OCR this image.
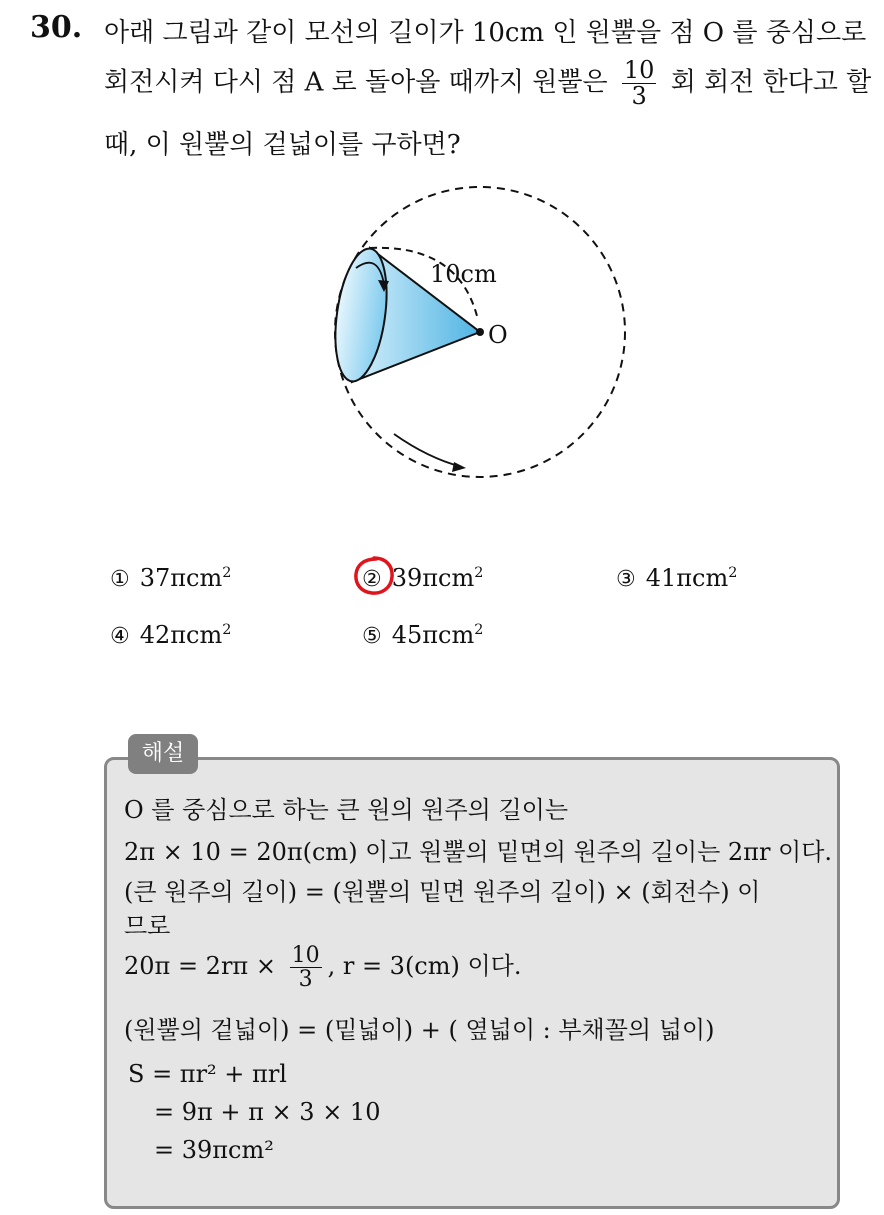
30. 아래 그림과 같이 모선의 길이가 10cm 인 원뿔을 점 O 를 중심으로
회전시켜 다시 점 A 로 돌아올 때까지 원뿔은 $\frac{10}{3}$ 회 회전 한다고 할
때, 이 원뿔의 겉넓이를 구하면?
10cm
O
① 37πcm$^2$	② 39πcm$^2$	③ 41πcm$^2$
④ 42πcm$^2$	⑤ 45πcm$^2$
해설
O 를 중심으로 하는 큰 원의 원주의 길이는
2π × 10 = 20π(cm) 이고 원뿔의 밑면의 원주의 길이는 2πr 이다.
(큰 원주의 길이) = (원뿔의 밑면 원주의 길이) × (회전수) 이
므로
$20\pi = 2r\pi \times \frac{10}{3}$ , r = 3(cm) 이다.
(원뿔의 겉넓이) = (밑넓이) + ( 옆넓이 : 부채꼴의 넓이)
S = πr² + πrl
= 9π + π × 3 × 10
= 39πcm²
